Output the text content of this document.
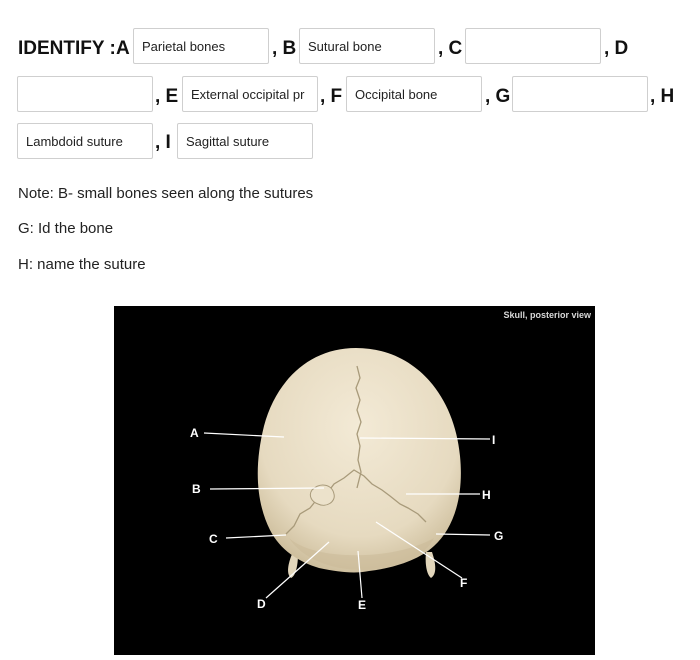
IDENTIFY : A
Parietal bones	, B
Sutural bone	, C	, D
, E
External occipital pr	, F
Occipital bone	, G	, H
Lambdoid suture
, I
Sagittal suture
Note: B- small bones seen along the sutures
G: Id the bone
H: name the suture
Skull, posterior view
A
B
C
D	E
F
G
H
I
